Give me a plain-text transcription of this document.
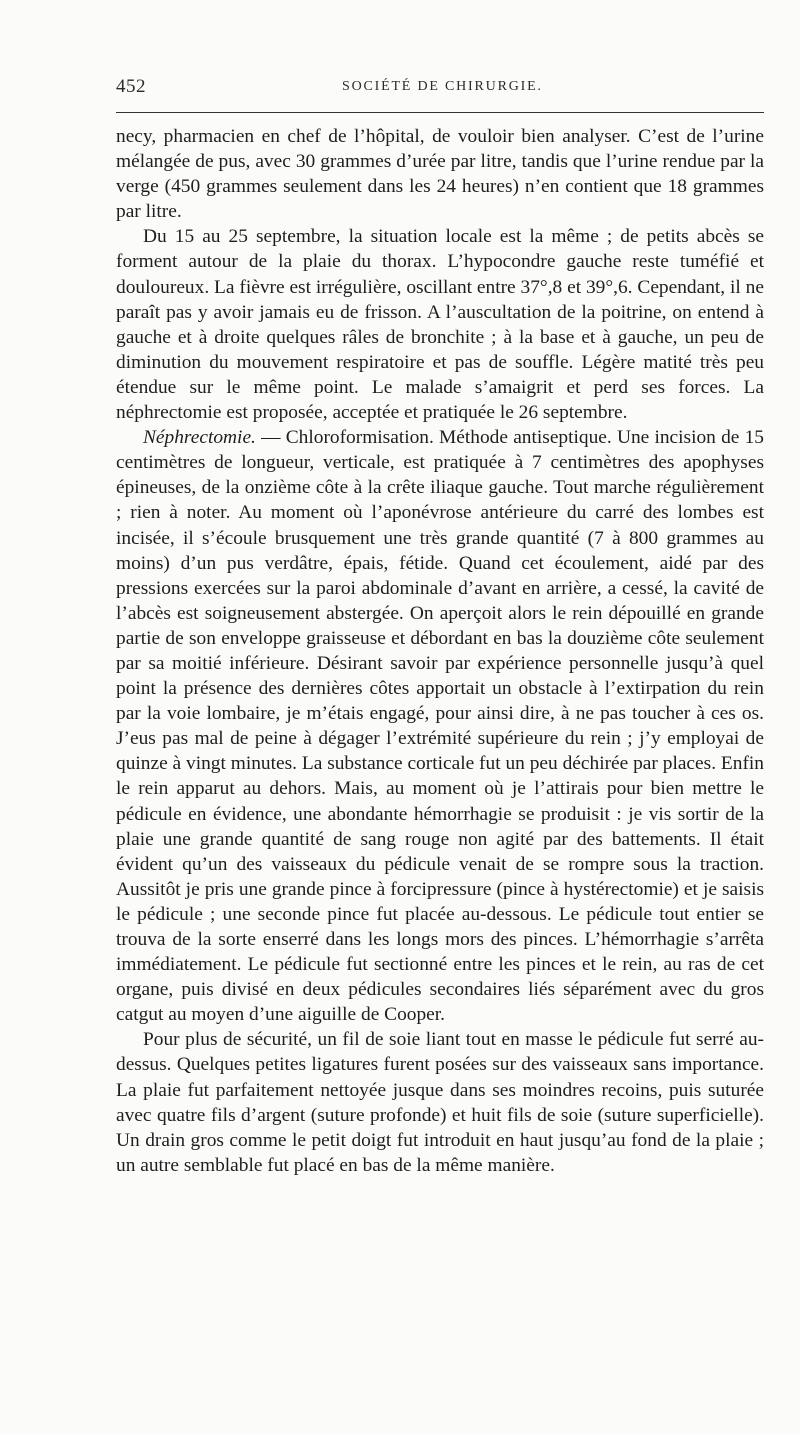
452	SOCIÉTÉ DE CHIRURGIE.

necy, pharmacien en chef de l’hôpital, de vouloir bien analyser. C’est de l’urine mélangée de pus, avec 30 grammes d’urée par litre, tandis que l’urine rendue par la verge (450 grammes seulement dans les 24 heures) n’en contient que 18 grammes par litre.

Du 15 au 25 septembre, la situation locale est la même ; de petits abcès se forment autour de la plaie du thorax. L’hypocondre gauche reste tuméfié et douloureux. La fièvre est irrégulière, oscillant entre 37°,8 et 39°,6. Cependant, il ne paraît pas y avoir jamais eu de frisson. A l’auscultation de la poitrine, on entend à gauche et à droite quelques râles de bronchite ; à la base et à gauche, un peu de diminution du mouvement respiratoire et pas de souffle. Légère matité très peu étendue sur le même point. Le malade s’amaigrit et perd ses forces. La néphrectomie est proposée, acceptée et pratiquée le 26 septembre.

Néphrectomie. — Chloroformisation. Méthode antiseptique. Une incision de 15 centimètres de longueur, verticale, est pratiquée à 7 centimètres des apophyses épineuses, de la onzième côte à la crête iliaque gauche. Tout marche régulièrement ; rien à noter. Au moment où l’aponévrose antérieure du carré des lombes est incisée, il s’écoule brusquement une très grande quantité (7 à 800 grammes au moins) d’un pus verdâtre, épais, fétide. Quand cet écoulement, aidé par des pressions exercées sur la paroi abdominale d’avant en arrière, a cessé, la cavité de l’abcès est soigneusement abstergée. On aperçoit alors le rein dépouillé en grande partie de son enveloppe graisseuse et débordant en bas la douzième côte seulement par sa moitié inférieure. Désirant savoir par expérience personnelle jusqu’à quel point la présence des dernières côtes apportait un obstacle à l’extirpation du rein par la voie lombaire, je m’étais engagé, pour ainsi dire, à ne pas toucher à ces os. J’eus pas mal de peine à dégager l’extrémité supérieure du rein ; j’y employai de quinze à vingt minutes. La substance corticale fut un peu déchirée par places. Enfin le rein apparut au dehors. Mais, au moment où je l’attirais pour bien mettre le pédicule en évidence, une abondante hémorrhagie se produisit : je vis sortir de la plaie une grande quantité de sang rouge non agité par des battements. Il était évident qu’un des vaisseaux du pédicule venait de se rompre sous la traction. Aussitôt je pris une grande pince à forcipressure (pince à hystérectomie) et je saisis le pédicule ; une seconde pince fut placée au-dessous. Le pédicule tout entier se trouva de la sorte enserré dans les longs mors des pinces. L’hémorrhagie s’arrêta immédiatement. Le pédicule fut sectionné entre les pinces et le rein, au ras de cet organe, puis divisé en deux pédicules secondaires liés séparément avec du gros catgut au moyen d’une aiguille de Cooper.

Pour plus de sécurité, un fil de soie liant tout en masse le pédicule fut serré au-dessus. Quelques petites ligatures furent posées sur des vaisseaux sans importance. La plaie fut parfaitement nettoyée jusque dans ses moindres recoins, puis suturée avec quatre fils d’argent (suture profonde) et huit fils de soie (suture superficielle). Un drain gros comme le petit doigt fut introduit en haut jusqu’au fond de la plaie ; un autre semblable fut placé en bas de la même manière.
